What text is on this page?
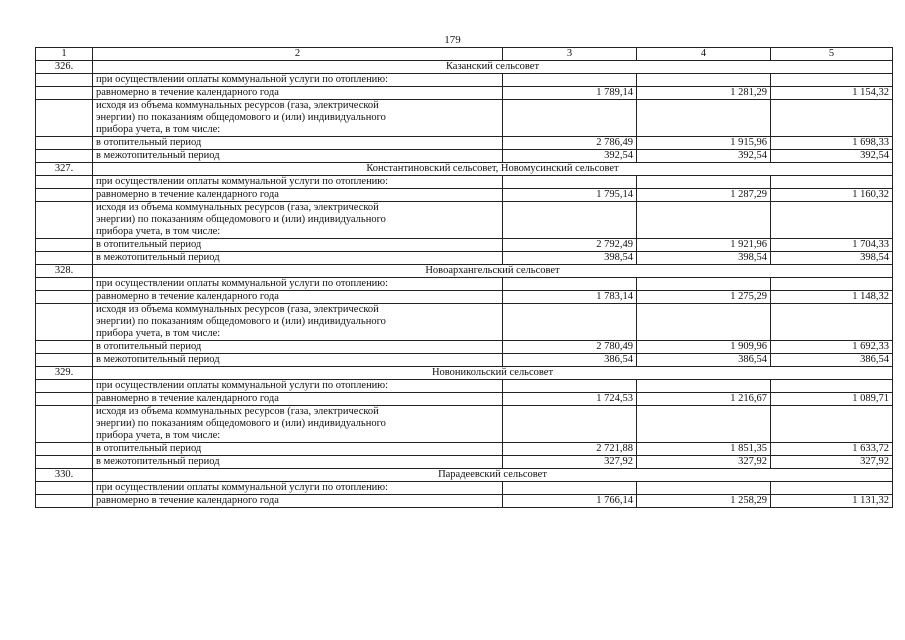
179
1	2	3	4	5
326.	Казанский сельсовет			
	при осуществлении оплаты коммунальной услуги по отоплению:			
	равномерно в течение календарного года	1 789,14	1 281,29	1 154,32

	исходя из объема коммунальных ресурсов (газа, электрической
энергии) по показаниям общедомового и (или) индивидуального
прибора учета, в том числе:			

	в отопительный период	2 786,49	1 915,96	1 698,33
	в межотопительный период	392,54	392,54	392,54
327.	Константиновский сельсовет, Новомусинский сельсовет			
	при осуществлении оплаты коммунальной услуги по отоплению:			
	равномерно в течение календарного года	1 795,14	1 287,29	1 160,32

	исходя из объема коммунальных ресурсов (газа, электрической
энергии) по показаниям общедомового и (или) индивидуального
прибора учета, в том числе:			

	в отопительный период	2 792,49	1 921,96	1 704,33
	в межотопительный период	398,54	398,54	398,54
328.	Новоархангельский сельсовет			
	при осуществлении оплаты коммунальной услуги по отоплению:			
	равномерно в течение календарного года	1 783,14	1 275,29	1 148,32

	исходя из объема коммунальных ресурсов (газа, электрической
энергии) по показаниям общедомового и (или) индивидуального
прибора учета, в том числе:			

	в отопительный период	2 780,49	1 909,96	1 692,33
	в межотопительный период	386,54	386,54	386,54
329.	Новоникольский сельсовет			
	при осуществлении оплаты коммунальной услуги по отоплению:			
	равномерно в течение календарного года	1 724,53	1 216,67	1 089,71

	исходя из объема коммунальных ресурсов (газа, электрической
энергии) по показаниям общедомового и (или) индивидуального
прибора учета, в том числе:			

	в отопительный период	2 721,88	1 851,35	1 633,72
	в межотопительный период	327,92	327,92	327,92
330.	Парадеевский сельсовет			
	при осуществлении оплаты коммунальной услуги по отоплению:			
	равномерно в течение календарного года	1 766,14	1 258,29	1 131,32
